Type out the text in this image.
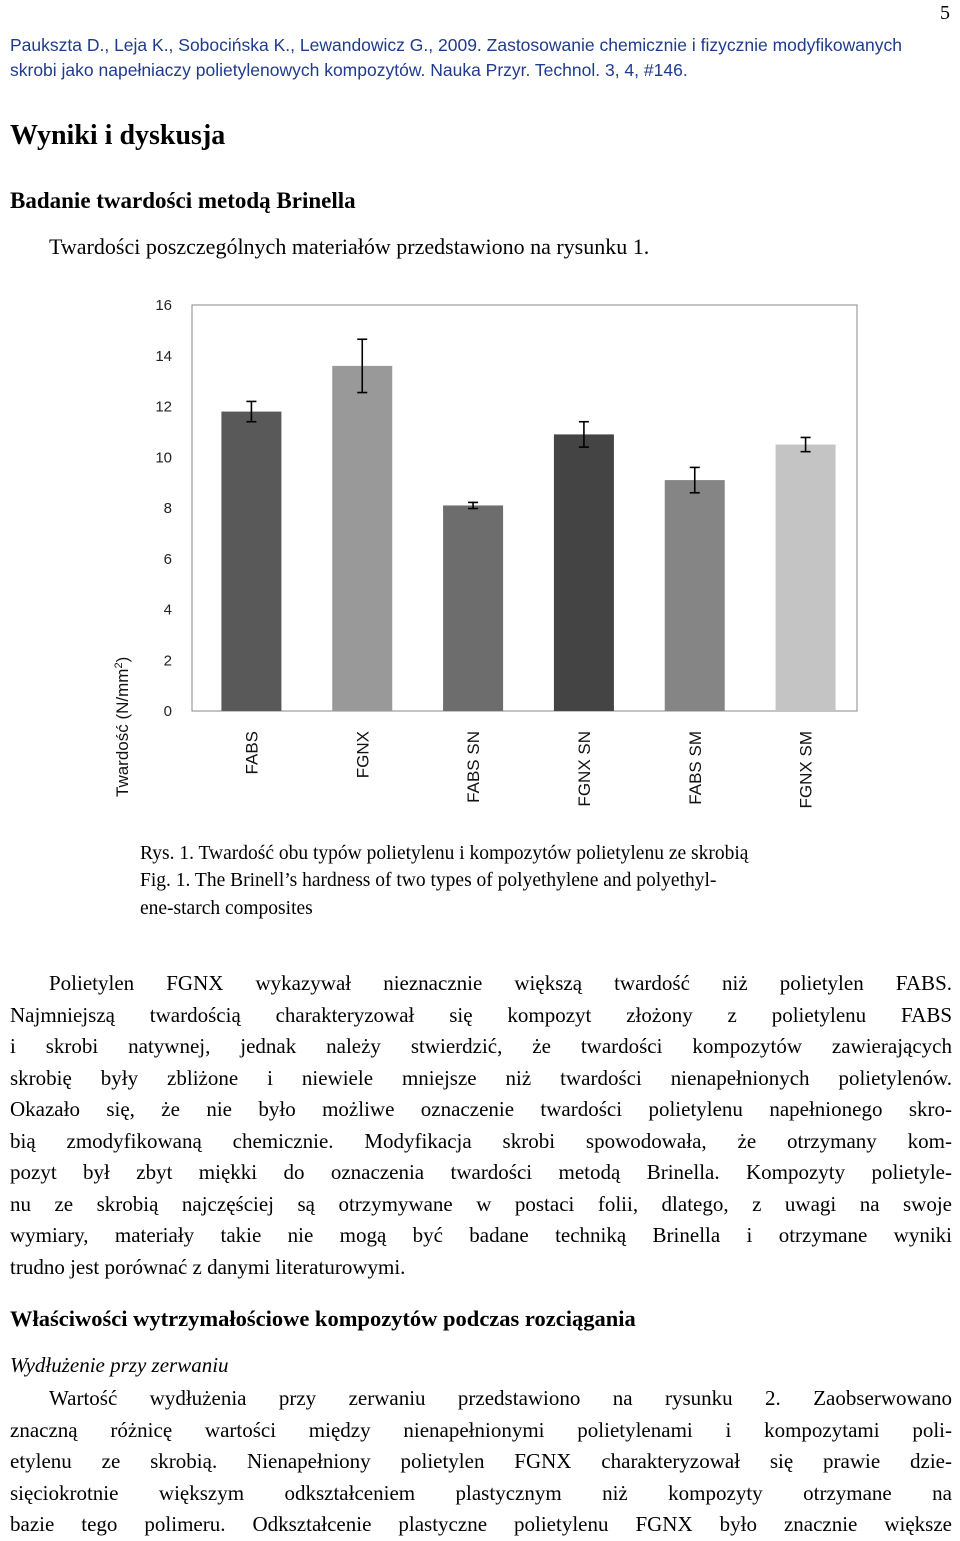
5
Pauksztа D., Leja K., Sobocińska K., Lewandowicz G., 2009. Zastosowanie chemicznie i fizycznie modyfikowanych
skrobi jako napełniaczy polietylenowych kompozytów. Nauka Przyr. Technol. 3, 4, #146.
Wyniki i dyskusja
Badanie twardości metodą Brinella
Twardości poszczególnych materiałów przedstawiono na rysunku 1.
0
2
4
6
8
10
12
14
16
FABS	FGNX	FABS SN	FGNX SN	FABS SM	FGNX SM
Twardość $(N/mm^2)$
Rys. 1. Twardość obu typów polietylenu i kompozytów polietylenu ze skrobią
Fig. 1. The Brinell’s hardness of two types of polyethylene and polyethyl-
ene-starch composites
Polietylen FGNX wykazywał nieznacznie większą twardość niż polietylen FABS.
Najmniejszą twardością charakteryzował się kompozyt złożony z polietylenu FABS
i skrobi natywnej, jednak należy stwierdzić, że twardości kompozytów zawierających
skrobię były zbliżone i niewiele mniejsze niż twardości nienapełnionych polietylenów.
Okazało się, że nie było możliwe oznaczenie twardości polietylenu napełnionego skro-
bią zmodyfikowaną chemicznie. Modyfikacja skrobi spowodowała, że otrzymany kom-
pozyt był zbyt miękki do oznaczenia twardości metodą Brinella. Kompozyty polietyle-
nu ze skrobią najczęściej są otrzymywane w postaci folii, dlatego, z uwagi na swoje
wymiary, materiały takie nie mogą być badane techniką Brinella i otrzymane wyniki
trudno jest porównać z danymi literaturowymi.
Właściwości wytrzymałościowe kompozytów podczas rozciągania
Wydłużenie przy zerwaniu
Wartość wydłużenia przy zerwaniu przedstawiono na rysunku 2. Zaobserwowano
znaczną różnicę wartości między nienapełnionymi polietylenami i kompozytami poli-
etylenu ze skrobią. Nienapełniony polietylen FGNX charakteryzował się prawie dzie-
sięciokrotnie większym odkształceniem plastycznym niż kompozyty otrzymane na
bazie tego polimeru. Odkształcenie plastyczne polietylenu FGNX było znacznie większe
